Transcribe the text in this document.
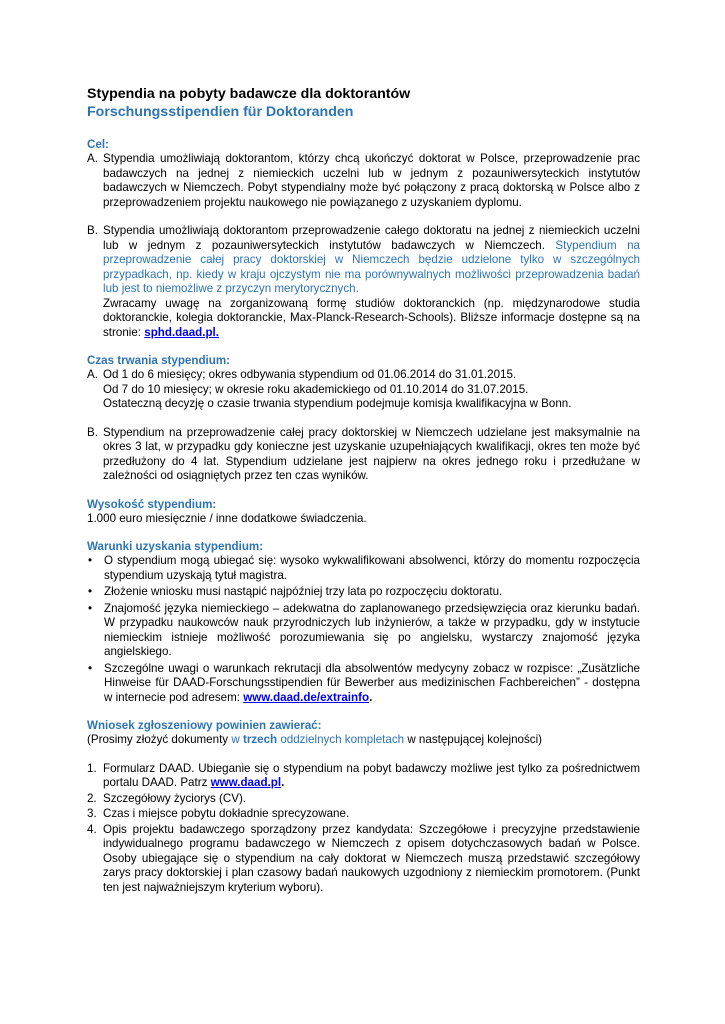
Stypendia na pobyty badawcze dla doktorantów
Forschungsstipendien für Doktoranden
Cel:
A. Stypendia umożliwiają doktorantom, którzy chcą ukończyć doktorat w Polsce, przeprowadzenie prac badawczych na jednej z niemieckich uczelni lub w jednym z pozauniwersyteckich instytutów badawczych w Niemczech. Pobyt stypendialny może być połączony z pracą doktorską w Polsce albo z przeprowadzeniem projektu naukowego nie powiązanego z uzyskaniem dyplomu.
B. Stypendia umożliwiają doktorantom przeprowadzenie całego doktoratu na jednej z niemieckich uczelni lub w jednym z pozauniwersyteckich instytutów badawczych w Niemczech. Stypendium na przeprowadzenie całej pracy doktorskiej w Niemczech będzie udzielone tylko w szczególnych przypadkach, np. kiedy w kraju ojczystym nie ma porównywalnych możliwości przeprowadzenia badań lub jest to niemożliwe z przyczyn merytorycznych.
Zwracamy uwagę na zorganizowaną formę studiów doktoranckich (np. międzynarodowe studia doktoranckie, kolegia doktoranckie, Max-Planck-Research-Schools). Bliższe informacje dostępne są na stronie: sphd.daad.pl.
Czas trwania stypendium:
A. Od 1 do 6 miesięcy; okres odbywania stypendium od 01.06.2014 do 31.01.2015.
Od 7 do 10 miesięcy; w okresie roku akademickiego od 01.10.2014 do 31.07.2015.
Ostateczną decyzję o czasie trwania stypendium podejmuje komisja kwalifikacyjna w Bonn.
B. Stypendium na przeprowadzenie całej pracy doktorskiej w Niemczech udzielane jest maksymalnie na okres 3 lat, w przypadku gdy konieczne jest uzyskanie uzupełniających kwalifikacji, okres ten może być przedłużony do 4 lat. Stypendium udzielane jest najpierw na okres jednego roku i przedłużane w zależności od osiągniętych przez ten czas wyników.
Wysokość stypendium:
1.000 euro miesięcznie / inne dodatkowe świadczenia.
Warunki uzyskania stypendium:
•	O stypendium mogą ubiegać się: wysoko wykwalifikowani absolwenci, którzy do momentu rozpoczęcia stypendium uzyskają tytuł magistra.
•	Złożenie wniosku musi nastąpić najpóźniej trzy lata po rozpoczęciu doktoratu.
•	Znajomość języka niemieckiego – adekwatna do zaplanowanego przedsięwzięcia oraz kierunku badań. W przypadku naukowców nauk przyrodniczych lub inżynierów, a także w przypadku, gdy w instytucie niemieckim istnieje możliwość porozumiewania się po angielsku, wystarczy znajomość języka angielskiego.
•	Szczególne uwagi o warunkach rekrutacji dla absolwentów medycyny zobacz w rozpisce: „Zusätzliche Hinweise für DAAD-Forschungsstipendien für Bewerber aus medizinischen Fachbereichen” - dostępna w internecie pod adresem: www.daad.de/extrainfo.
Wniosek zgłoszeniowy powinien zawierać:
(Prosimy złożyć dokumenty w trzech oddzielnych kompletach w następującej kolejności)
1. Formularz DAAD. Ubieganie się o stypendium na pobyt badawczy możliwe jest tylko za pośrednictwem portalu DAAD. Patrz www.daad.pl.
2. Szczegółowy życiorys (CV).
3. Czas i miejsce pobytu dokładnie sprecyzowane.
4. Opis projektu badawczego sporządzony przez kandydata: Szczegółowe i precyzyjne przedstawienie indywidualnego programu badawczego w Niemczech z opisem dotychczasowych badań w Polsce. Osoby ubiegające się o stypendium na cały doktorat w Niemczech muszą przedstawić szczegółowy zarys pracy doktorskiej i plan czasowy badań naukowych uzgodniony z niemieckim promotorem. (Punkt ten jest najważniejszym kryterium wyboru).
